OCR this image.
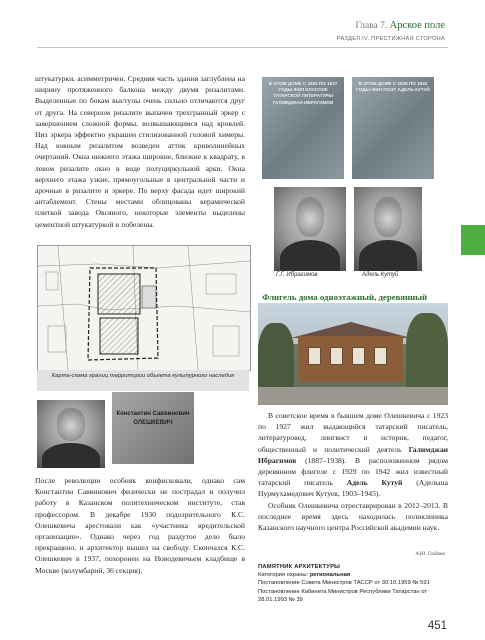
Глава 7. Арское поле
РАЗДЕЛ IV. ПРЕСТИЖНАЯ СТОРОНА
штукатурки, асимметричен. Средняя часть здания заглублена на ширину протяженного балкона между двумя ризалитами. Выделенные по бокам выступы очень сильно отличаются друг от друга. На северном ризалите выпачен трехгранный эркер с завершением сложной формы, возвышающимся над кровлей. Низ эркера эффектно украшен стилизованной головой химеры. Над южным ризалитом возведен аттик криволинейных очертаний. Окна нижнего этажа широкие, близкие к квадрату, в левом ризалите окно в виде полуциркульной арки. Окна верхнего этажа узкие, прямоугольные в центральной части и арочные в ризалите и эркере. По верху фасада идет широкий антаблемент. Стены местами облицованы керамической плиткой завода Овсяного, некоторые элементы выделены цементной штукатуркой и побелены.
В ЭТОМ ДОМЕ С 1920 ПО 1927 ГОДЫ ЖИЛ КЛАССИК ТАТАРСКОЙ ЛИТЕРАТУРЫ ГАЛИМДЖАН ИБРАГИМОВ
В ЭТОМ ДОМЕ С 1929 ПО 1942 ГОДЫ ЖИЛ ПОЭТ АДЕЛЬ КУТУЙ
Г.Г. Ибрагимов	Адель Кутуй
Флигель дома одноэтажный, деревянный
Карта-схема границ территории объекта культурного наследия
Константин Саввинович ОЛЕШКЕВИЧ
После революции особняк конфисковали, однако сам Константин Саввинович физически не пострадал и получил работу в Казанском политехническом институте, став профессором. В декабре 1930 подозрительного К.С. Олешкевича арестовали как «участника вредительской организации». Однако через год раздутое дело было прекращено, и архитектор вышел на свободу. Скончался К.С. Олешкевич в 1937, похоронен на Новодевичьем кладбище в Москве (колумбарий, 36 секция).
В советское время в бывшем доме Олешкевича с 1923 по 1927 жил выдающийся татарский писатель, литературовед, лингвист и историк, педагог, общественный и политический деятель Галимджан Ибрагимов (1887–1938). В расположенном рядом деревянном флигеле с 1929 по 1942 жил известный татарский писатель Адель Кутуй (Адельша Нурмухамедович Кутуев, 1903–1945).
Особняк Олешкевича отреставрирован в 2012–2013. В последнее время здесь находилась поликлиника Казанского научного центра Российской академии наук.
А.Ю. Галдина
ПАМЯТНИК АРХИТЕКТУРЫ
Категория охраны: региональная
Постановление Совета Министров ТАССР от 30.10.1959 № 591
Постановление Кабинета Министров Республики Татарстан от 28.01.1993 № 39
451
